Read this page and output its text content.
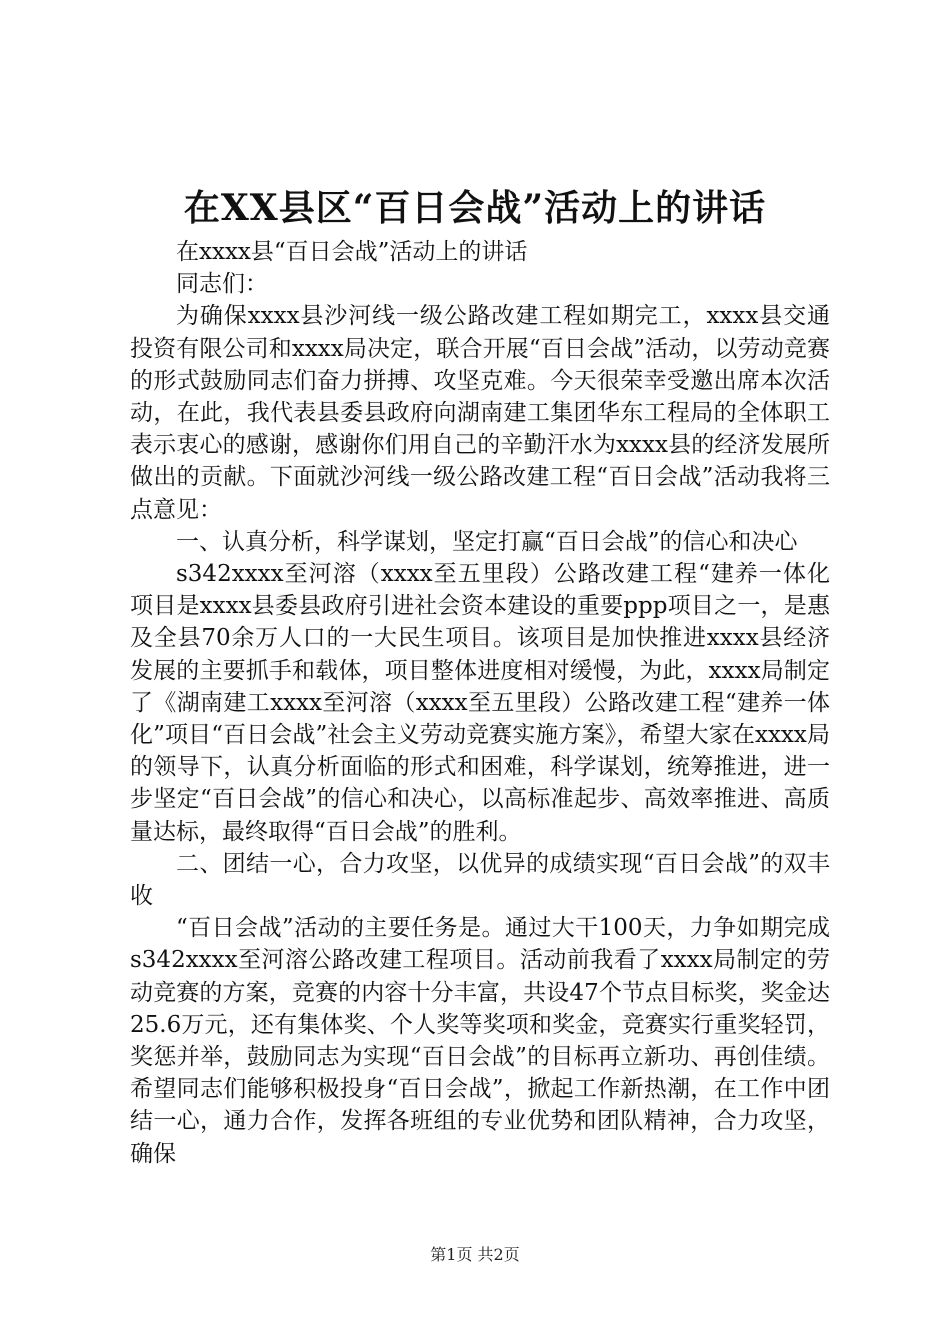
在XX县区“百日会战”活动上的讲话

在xxxx县“百日会战”活动上的讲话

同志们：

为确保xxxx县沙河线一级公路改建工程如期完工，xxxx县交通投资有限公司和xxxx局决定，联合开展“百日会战”活动，以劳动竞赛的形式鼓励同志们奋力拼搏、攻坚克难。今天很荣幸受邀出席本次活动，在此，我代表县委县政府向湖南建工集团华东工程局的全体职工表示衷心的感谢，感谢你们用自己的辛勤汗水为xxxx县的经济发展所做出的贡献。下面就沙河线一级公路改建工程“百日会战”活动我将三点意见：

一、认真分析，科学谋划，坚定打赢“百日会战”的信心和决心

s342xxxx至河溶（xxxx至五里段）公路改建工程“建养一体化项目是xxxx县委县政府引进社会资本建设的重要ppp项目之一，是惠及全县70余万人口的一大民生项目。该项目是加快推进xxxx县经济发展的主要抓手和载体，项目整体进度相对缓慢，为此，xxxx局制定了《湖南建工xxxx至河溶（xxxx至五里段）公路改建工程“建养一体化”项目“百日会战”社会主义劳动竞赛实施方案》，希望大家在xxxx局的领导下，认真分析面临的形式和困难，科学谋划，统筹推进，进一步坚定“百日会战”的信心和决心，以高标准起步、高效率推进、高质量达标，最终取得“百日会战”的胜利。

二、团结一心，合力攻坚，以优异的成绩实现“百日会战”的双丰收

“百日会战”活动的主要任务是。通过大干100天，力争如期完成s342xxxx至河溶公路改建工程项目。活动前我看了xxxx局制定的劳动竞赛的方案，竞赛的内容十分丰富，共设47个节点目标奖，奖金达25.6万元，还有集体奖、个人奖等奖项和奖金，竞赛实行重奖轻罚，奖惩并举，鼓励同志为实现“百日会战”的目标再立新功、再创佳绩。希望同志们能够积极投身“百日会战”，掀起工作新热潮，在工作中团结一心，通力合作，发挥各班组的专业优势和团队精神，合力攻坚，确保

第1页 共2页
